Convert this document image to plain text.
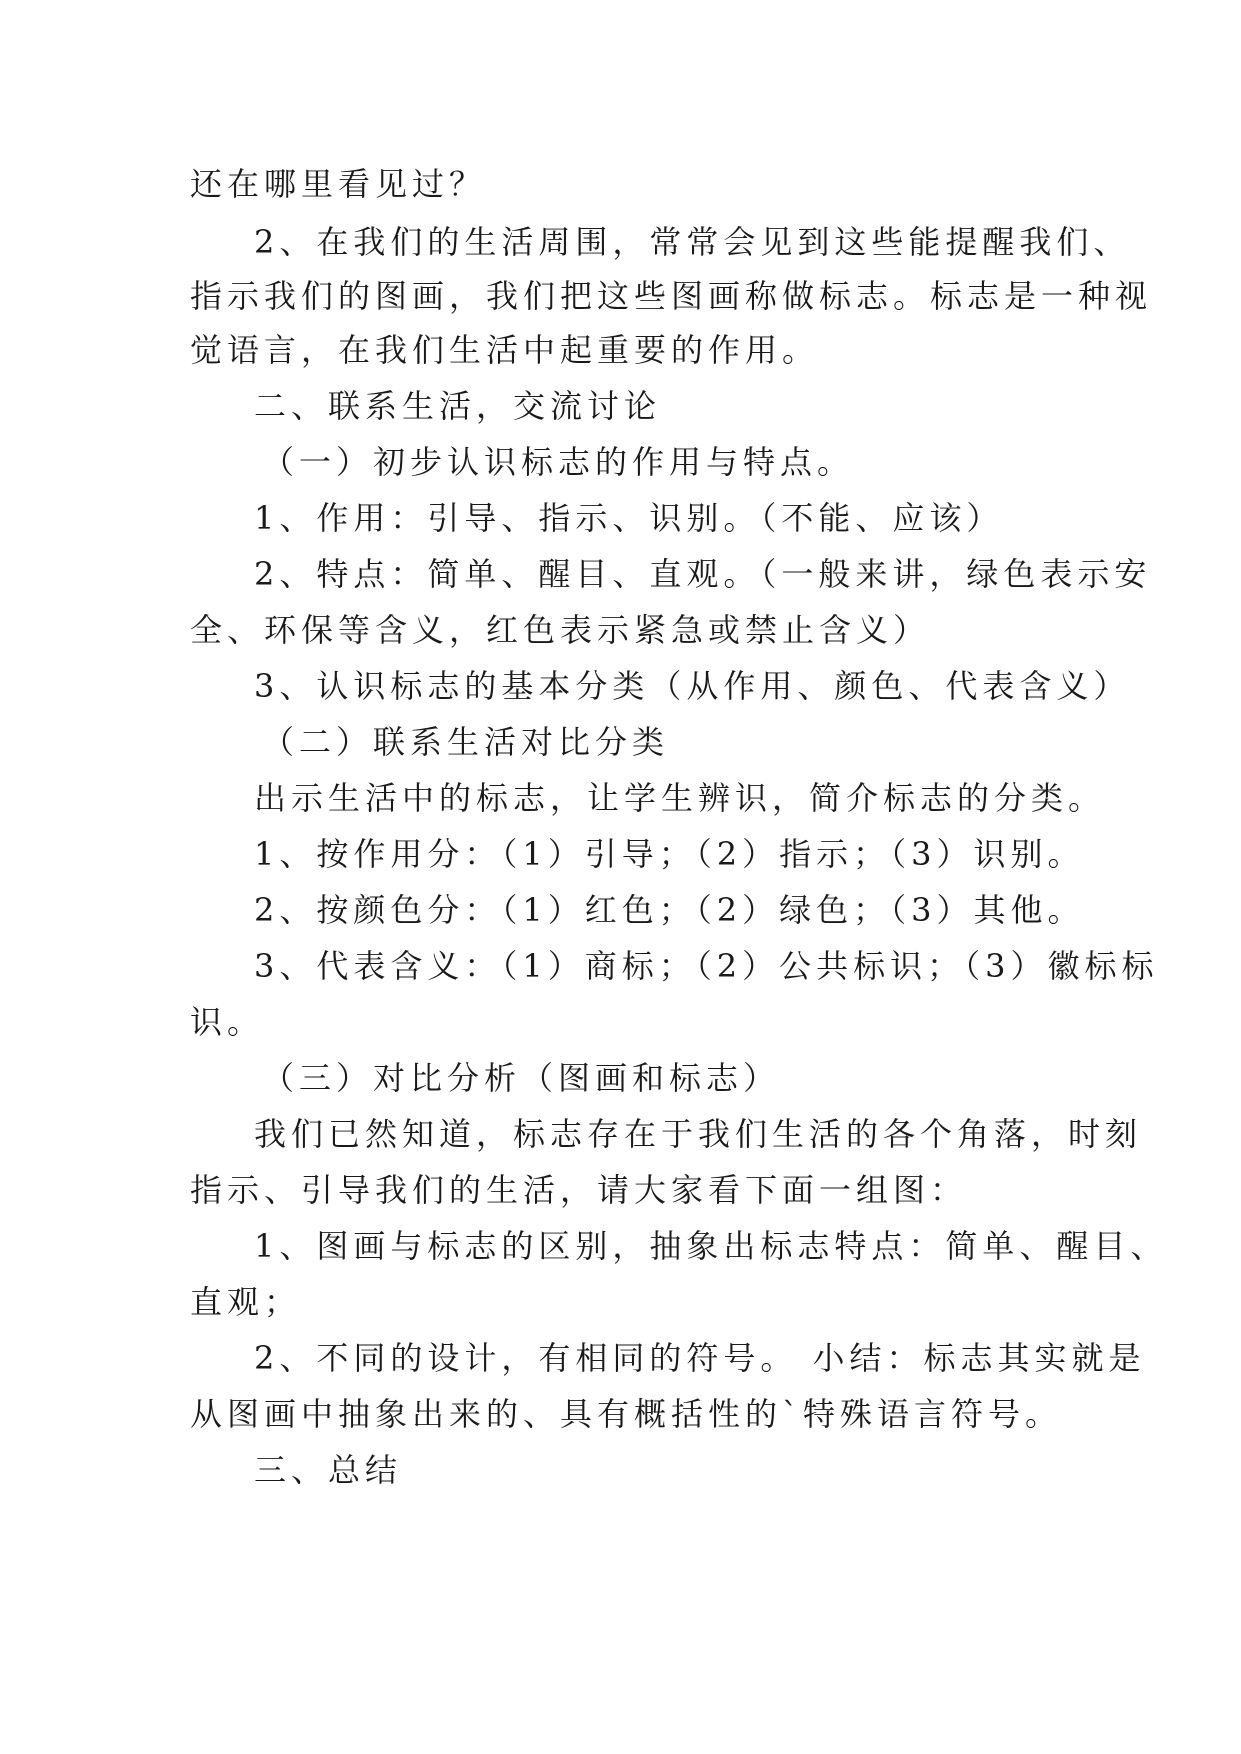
还在哪里看见过？

2、在我们的生活周围，常常会见到这些能提醒我们、

指示我们的图画，我们把这些图画称做标志。标志是一种视

觉语言，在我们生活中起重要的作用。

二、联系生活，交流讨论

（一）初步认识标志的作用与特点。

1、作用：引导、指示、识别。（不能、应该）

2、特点：简单、醒目、直观。（一般来讲，绿色表示安

全、环保等含义，红色表示紧急或禁止含义）

3、认识标志的基本分类（从作用、颜色、代表含义）

（二）联系生活对比分类

出示生活中的标志，让学生辨识，简介标志的分类。

1、按作用分：（1）引导；（2）指示；（3）识别。

2、按颜色分：（1）红色；（2）绿色；（3）其他。

3、代表含义：（1）商标；（2）公共标识；（3）徽标标

识。

（三）对比分析（图画和标志）

我们已然知道，标志存在于我们生活的各个角落，时刻

指示、引导我们的生活，请大家看下面一组图：

1、图画与标志的区别，抽象出标志特点：简单、醒目、

直观；

2、不同的设计，有相同的符号。 小结：标志其实就是

从图画中抽象出来的、具有概括性的`特殊语言符号。

三、总结
